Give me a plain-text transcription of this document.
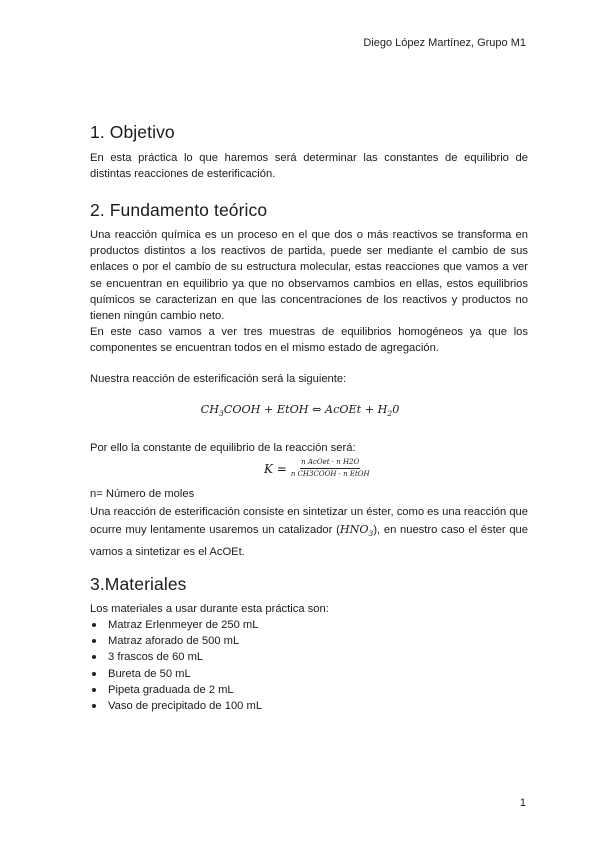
Diego López Martínez, Grupo M1
1. Objetivo
En esta práctica lo que haremos será determinar las constantes de equilibrio de distintas reacciones de esterificación.
2. Fundamento teórico
Una reacción química es un proceso en el que dos o más reactivos se transforma en productos distintos a los reactivos de partida, puede ser mediante el cambio de sus enlaces o por el cambio de su estructura molecular, estas reacciones que vamos a ver se encuentran en equilibrio ya que no observamos cambios en ellas, estos equilibrios químicos se caracterizan en que las concentraciones de los reactivos y productos no tienen ningún cambio neto.
En este caso vamos a ver tres muestras de equilibrios homogéneos ya que los componentes se encuentran todos en el mismo estado de agregación.
Nuestra reacción de esterificación será la siguiente:
$CH_3COOH$ + EtOH ⇔ AcOEt + $H_20$
Por ello la constante de equilibrio de la reacción será:
$K = \frac{\text{n AcOet · n H2O}}{\text{n CH3COOH · n EtOH}}$
n= Número de moles
Una reacción de esterificación consiste en sintetizar un éster, como es una reacción que ocurre muy lentamente usaremos un catalizador $(HNO_3)$, en nuestro caso el éster que vamos a sintetizar es el AcOEt.
3.Materiales
Los materiales a usar durante esta práctica son:
Matraz Erlenmeyer de 250 mL
Matraz aforado de 500 mL
3 frascos de 60 mL
Bureta de 50 mL
Pipeta graduada de 2 mL
Vaso de precipitado de 100 mL
1
